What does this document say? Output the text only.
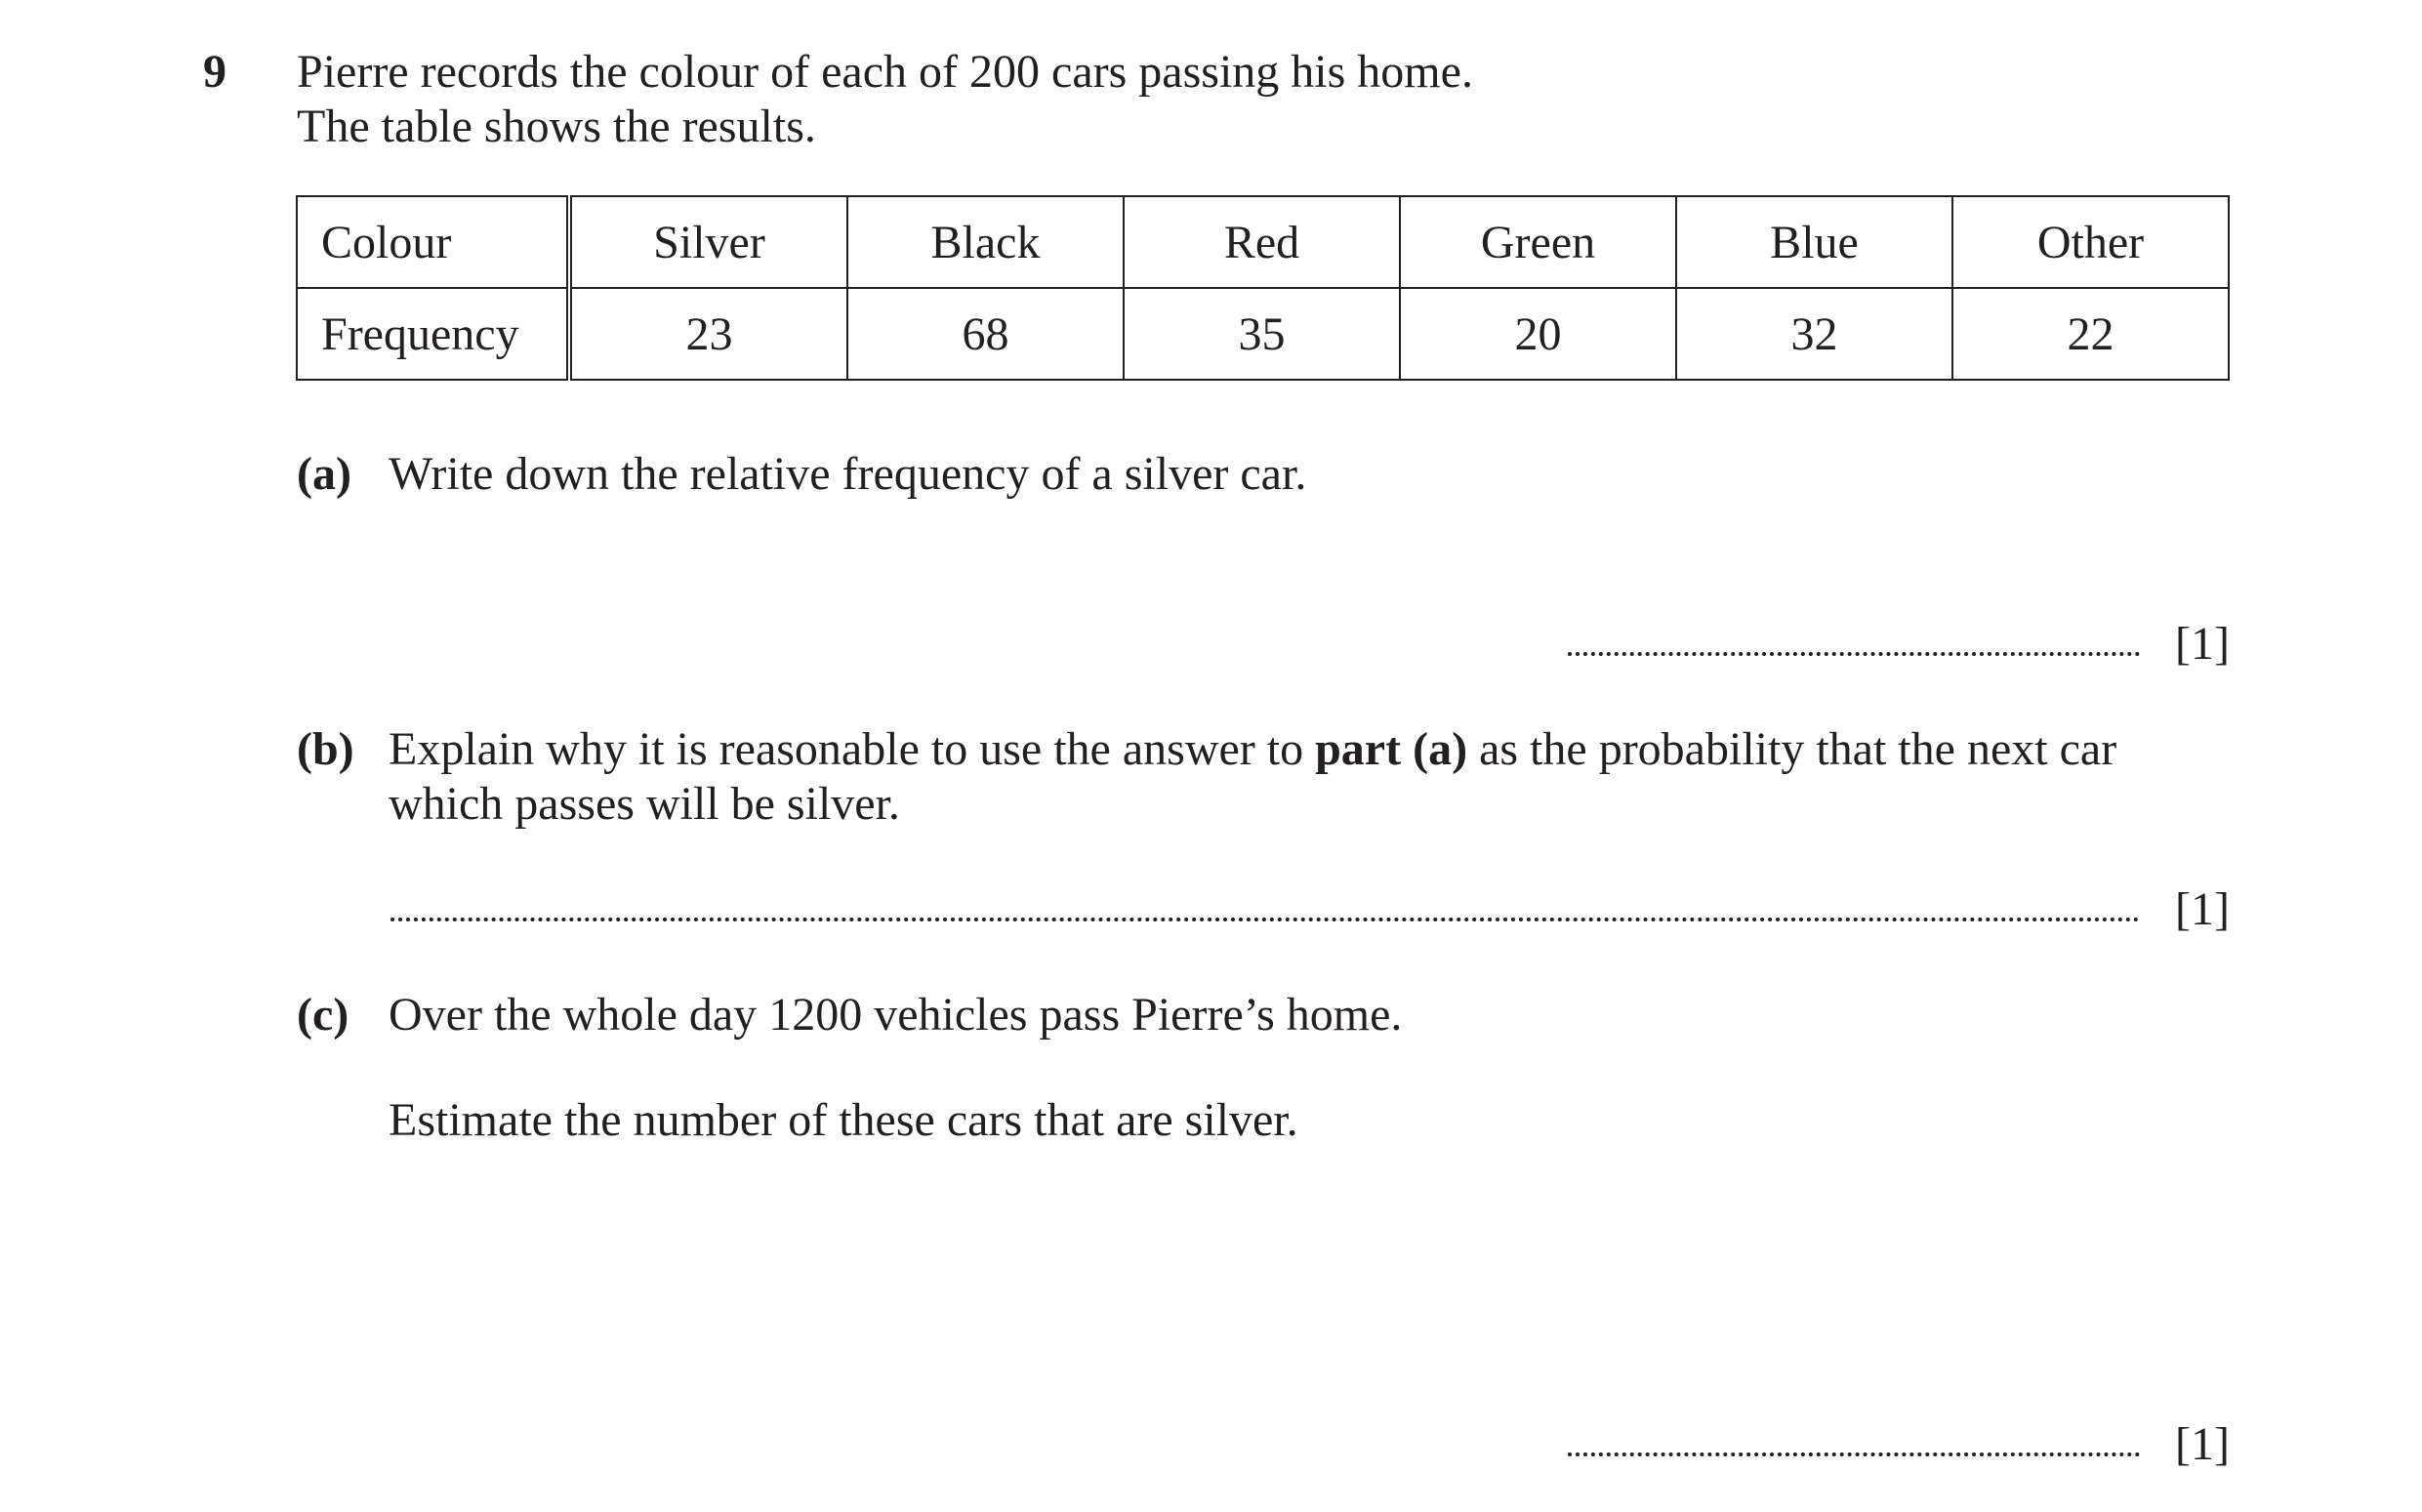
9 Pierre records the colour of each of 200 cars passing his home.
The table shows the results.
Colour	Silver	Black	Red	Green	Blue	Other
Frequency	23	68	35	20	32	22
(a) Write down the relative frequency of a silver car.
[1]
(b) Explain why it is reasonable to use the answer to part (a) as the probability that the next car
which passes will be silver.
[1]
(c) Over the whole day 1200 vehicles pass Pierre’s home.
Estimate the number of these cars that are silver.
[1]
